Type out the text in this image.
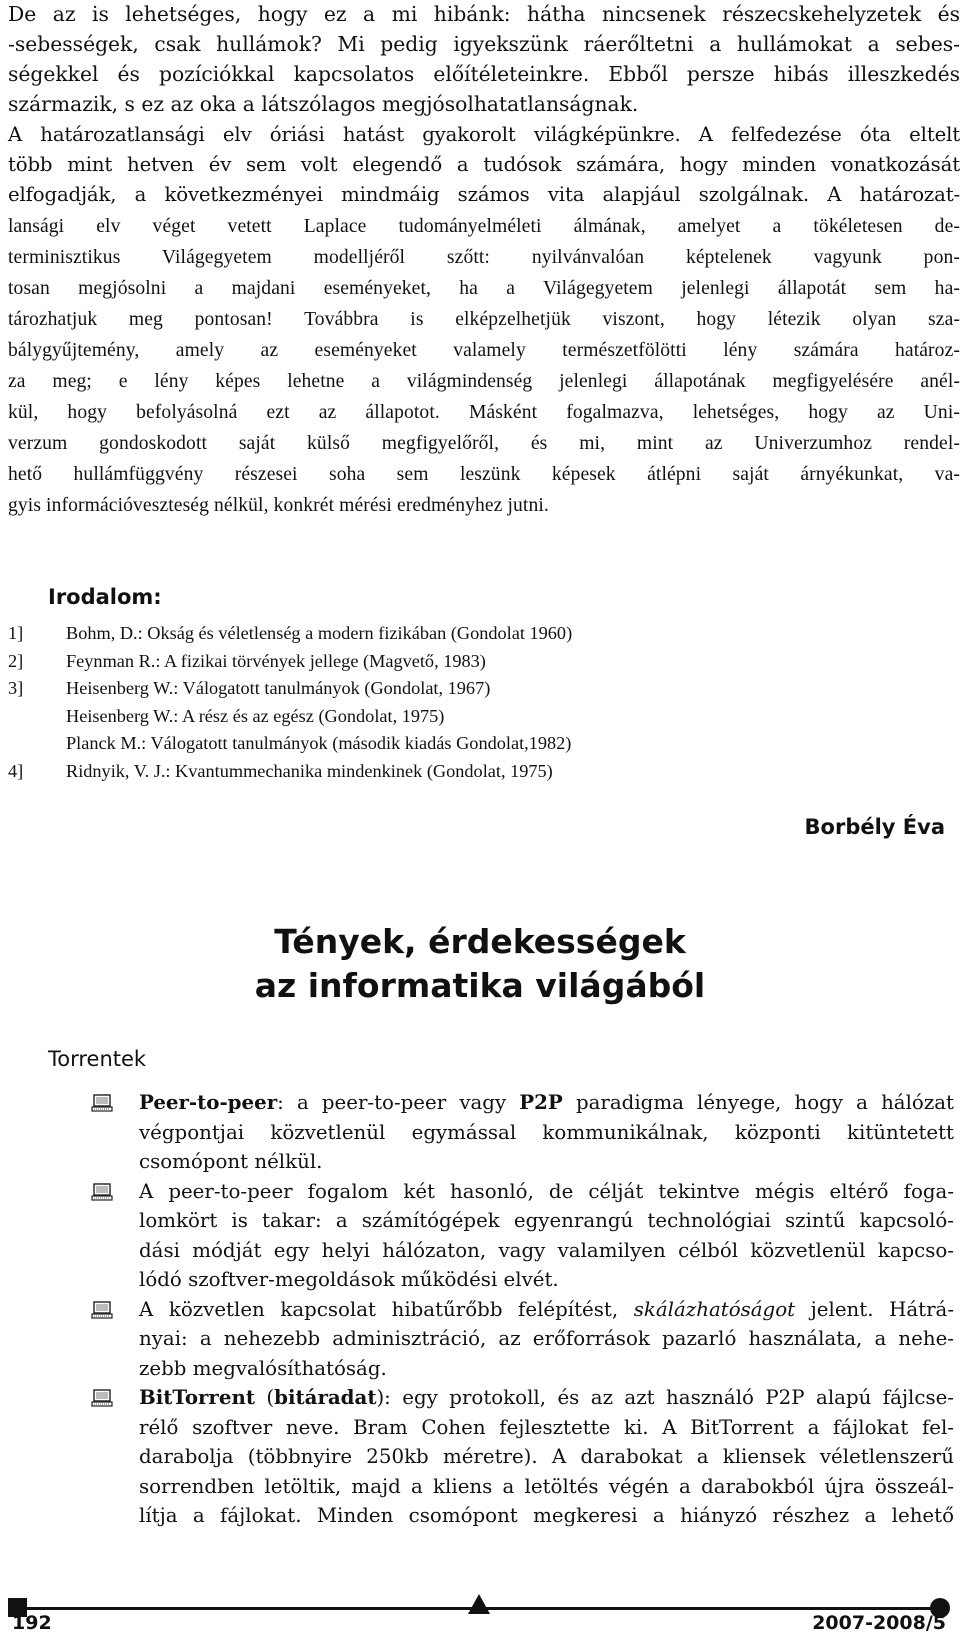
De az is lehetséges, hogy ez a mi hibánk: hátha nincsenek részecskehelyzetek és

-sebességek, csak hullámok? Mi pedig igyekszünk ráerőltetni a hullámokat a sebes-

ségekkel és pozíciókkal kapcsolatos előítéleteinkre. Ebből persze hibás illeszkedés

származik, s ez az oka a látszólagos megjósolhatatlanságnak.

A határozatlansági elv óriási hatást gyakorolt világképünkre. A felfedezése óta eltelt

több mint hetven év sem volt elegendő a tudósok számára, hogy minden vonatkozását

elfogadják, a következményei mindmáig számos vita alapjául szolgálnak. A határozat-

lansági elv véget vetett Laplace tudományelméleti álmának, amelyet a tökéletesen de-

terminisztikus Világegyetem modelljéről szőtt: nyilvánvalóan képtelenek vagyunk pon-

tosan megjósolni a majdani eseményeket, ha a Világegyetem jelenlegi állapotát sem ha-

tározhatjuk meg pontosan! Továbbra is elképzelhetjük viszont, hogy létezik olyan sza-

bálygyűjtemény, amely az eseményeket valamely természetfölötti lény számára határoz-

za meg; e lény képes lehetne a világmindenség jelenlegi állapotának megfigyelésére anél-

kül, hogy befolyásolná ezt az állapotot. Másként fogalmazva, lehetséges, hogy az Uni-

verzum gondoskodott saját külső megfigyelőről, és mi, mint az Univerzumhoz rendel-

hető hullámfüggvény részesei soha sem leszünk képesek átlépni saját árnyékunkat, va-

gyis információveszteség nélkül, konkrét mérési eredményhez jutni.

Irodalom:

1]	Bohm, D.: Okság és véletlenség a modern fizikában (Gondolat 1960)
2]	Feynman R.: A fizikai törvények jellege (Magvető, 1983)
3]	Heisenberg W.: Válogatott tanulmányok (Gondolat, 1967)
Heisenberg W.: A rész és az egész (Gondolat, 1975)
Planck M.: Válogatott tanulmányok (második kiadás Gondolat,1982)
4]	Ridnyik, V. J.: Kvantummechanika mindenkinek (Gondolat, 1975)

Borbély Éva

Tények, érdekességek
az informatika világából

Torrentek

Peer-to-peer: a peer-to-peer vagy P2P paradigma lényege, hogy a hálózat
végpontjai közvetlenül egymással kommunikálnak, központi kitüntetett
csomópont nélkül.
A peer-to-peer fogalom két hasonló, de célját tekintve mégis eltérő foga-
lomkört is takar: a számítógépek egyenrangú technológiai szintű kapcsoló-
dási módját egy helyi hálózaton, vagy valamilyen célból közvetlenül kapcso-
lódó szoftver-megoldások működési elvét.
A közvetlen kapcsolat hibatűrőbb felépítést, skálázhatóságot jelent. Hátrá-
nyai: a nehezebb adminisztráció, az erőforrások pazarló használata, a nehe-
zebb megvalósíthatóság.
BitTorrent (bitáradat): egy protokoll, és az azt használó P2P alapú fájlcse-
rélő szoftver neve. Bram Cohen fejlesztette ki. A BitTorrent a fájlokat fel-
darabolja (többnyire 250kb méretre). A darabokat a kliensek véletlenszerű
sorrendben letöltik, majd a kliens a letöltés végén a darabokból újra összeál-
lítja a fájlokat. Minden csomópont megkeresi a hiányzó részhez a lehető
192	2007-2008/5
